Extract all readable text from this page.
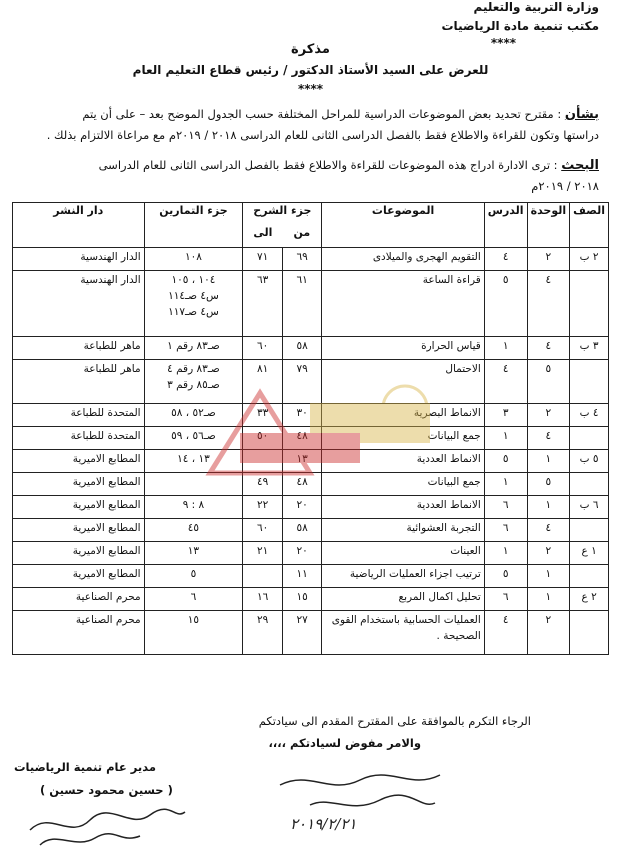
وزارة التربية والتعليم
مكتب تنمية مادة الرياضيات
****
مذكرة
للعرض على السيد الأستاذ الدكتور / رئيس قطاع التعليم العام
****
بشأن : مقترح تحديد بعض الموضوعات الدراسية للمراحل المختلفة حسب الجدول الموضح بعد – على أن يتم
دراستها وتكون للقراءة والاطلاع فقط بالفصل الدراسى الثانى للعام الدراسى ٢٠١٨ / ٢٠١٩م مع مراعاة الالتزام بذلك .
البحث : ترى الادارة ادراج هذه الموضوعات للقراءة والاطلاع فقط بالفصل الدراسى الثانى للعام الدراسى
٢٠١٨ / ٢٠١٩م
الصف	الوحدة	الدرس	الموضوعات	جزء الشرح		جزء التمارين	دار النشر
				من	الى		

٢ ب	٢	٤	التقويم الهجرى والميلادى	٦٩	٧١	١٠٨	الدار الهندسية

	٤	٥	قراءة الساعة	٦١	٦٣	١٠٤ ، ١٠٥
س٤ صـ١١٤
س٤ صـ١١٧	الدار الهندسية

٣ ب	٤	١	قياس الحرارة	٥٨	٦٠	صـ٨٣ رقم ١	ماهر للطباعة

	٥	٤	الاحتمال	٧٩	٨١	صـ٨٣ رقم ٤
صـ٨٥ رقم ٣	ماهر للطباعة

٤ ب	٢	٣	الانماط البصرية	٣٠	٣٣	صـ٥٢ ، ٥٨	المتحدة للطباعة

	٤	١	جمع البيانات	٤٨	٥٠	صـ٥٦ ، ٥٩	المتحدة للطباعة

٥ ب	١	٥	الانماط العددية	١٣		١٣ ، ١٤	المطابع الاميرية

	٥	١	جمع البيانات	٤٨	٤٩		المطابع الاميرية

٦ ب	١	٦	الانماط العددية	٢٠	٢٢	٨ : ٩	المطابع الاميرية

	٤	٦	التجربة العشوائية	٥٨	٦٠	٤٥	المطابع الاميرية

١ ع	٢	١	العينات	٢٠	٢١	١٣	المطابع الاميرية

	١	٥	ترتيب اجزاء العمليات الرياضية	١١		٥	المطابع الاميرية

٢ ع	١	٦	تحليل اكمال المربع	١٥	١٦	٦	محرم الصناعية

	٢	٤	العمليات الحسابية باستخدام القوى
الصحيحة .	٢٧	٢٩	١٥	محرم الصناعية
الرجاء التكرم بالموافقة على المقترح المقدم الى سيادتكم
والامر مفوض لسيادتكم ،،،،
مدير عام تنمية الرياضيات
( حسين محمود حسين )
٢٠١٩/٢/٢١
